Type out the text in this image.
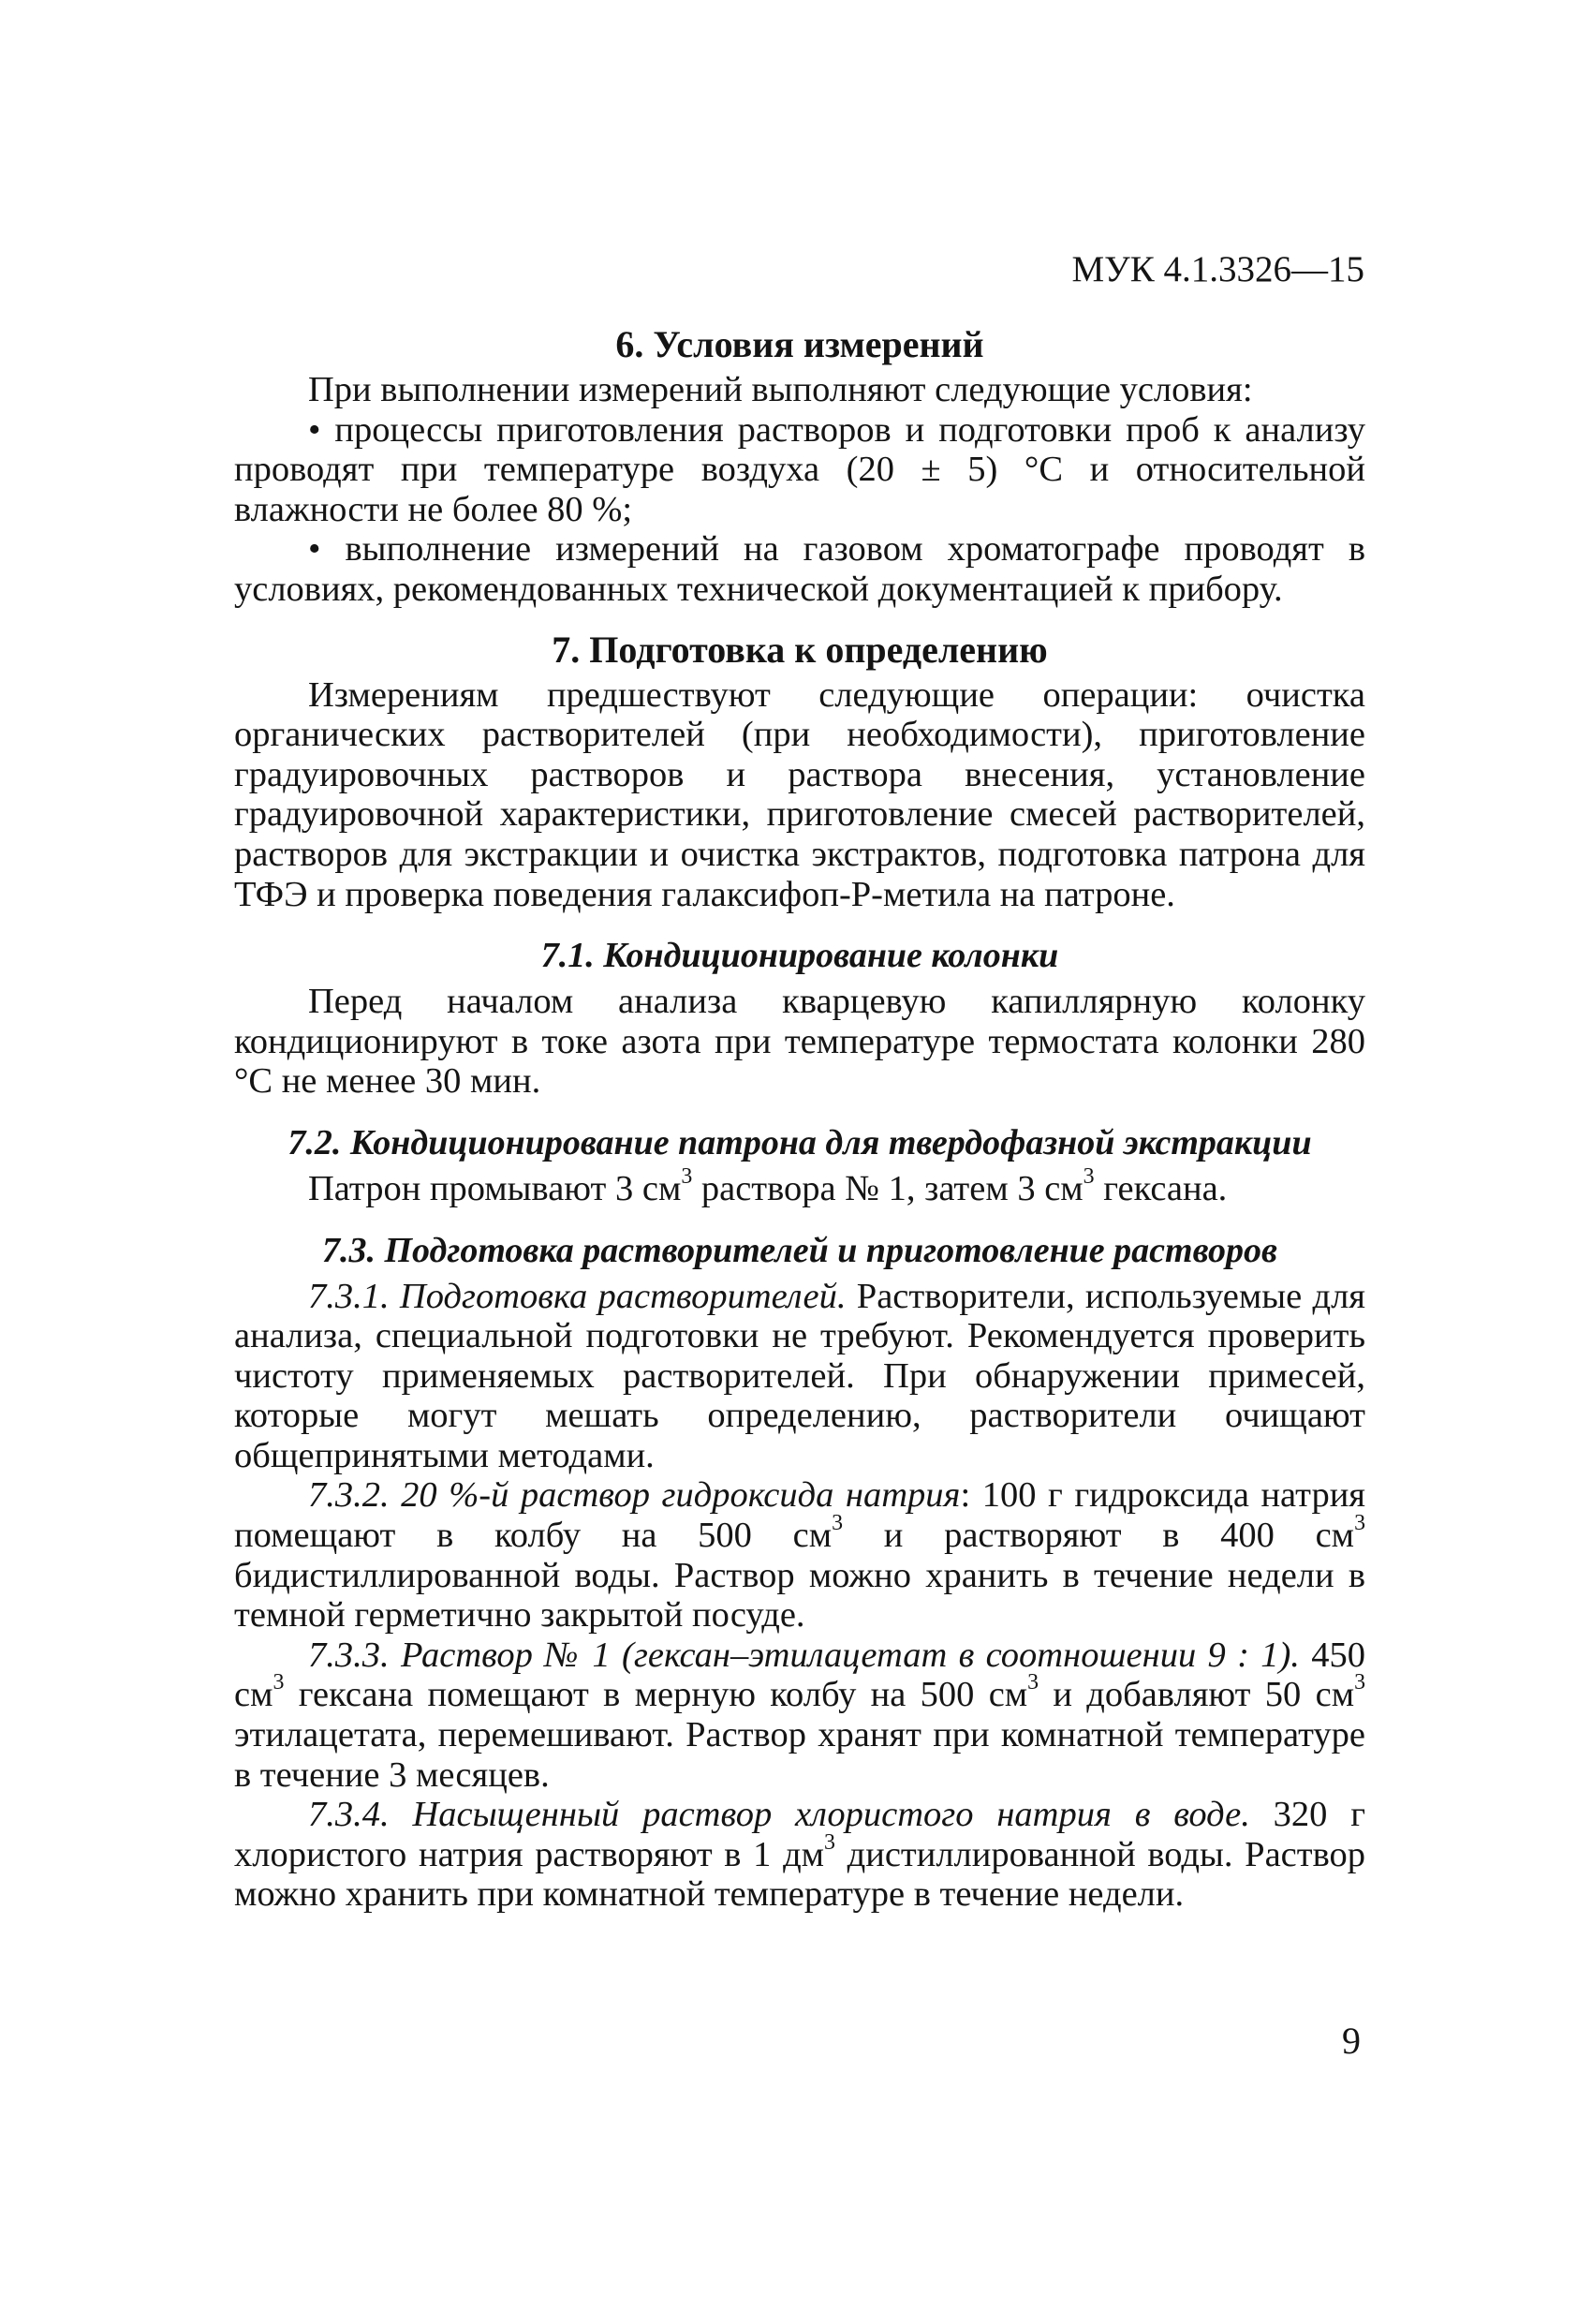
МУК 4.1.3326—15
6. Условия измерений

При выполнении измерений выполняют следующие условия:

• процессы приготовления растворов и подготовки проб к анализу проводят при температуре воздуха (20 ± 5) °С и относительной влажности не более 80 %;

• выполнение измерений на газовом хроматографе проводят в условиях, рекомендованных технической документацией к прибору.

7. Подготовка к определению

Измерениям предшествуют следующие операции: очистка органических растворителей (при необходимости), приготовление градуировочных растворов и раствора внесения, установление градуировочной характеристики, приготовление смесей растворителей, растворов для экстракции и очистка экстрактов, подготовка патрона для ТФЭ и проверка поведения галаксифоп-Р-метила на патроне.

7.1. Кондиционирование колонки

Перед началом анализа кварцевую капиллярную колонку кондиционируют в токе азота при температуре термостата колонки 280 °С не менее 30 мин.

7.2. Кондиционирование патрона для твердофазной экстракции

Патрон промывают 3 $см^3$ раствора № 1, затем 3 $см^3$ гексана.

7.3. Подготовка растворителей и приготовление растворов

7.3.1. Подготовка растворителей. Растворители, используемые для анализа, специальной подготовки не требуют. Рекомендуется проверить чистоту применяемых растворителей. При обнаружении примесей, которые могут мешать определению, растворители очищают общепринятыми методами.

7.3.2. 20 %-й раствор гидроксида натрия: 100 г гидроксида натрия помещают в колбу на 500 $см^3$ и растворяют в 400 $см^3$ бидистиллированной воды. Раствор можно хранить в течение недели в темной герметично закрытой посуде.

7.3.3. Раствор № 1 (гексан–этилацетат в соотношении 9 : 1). 450 $см^3$ гексана помещают в мерную колбу на 500 $см^3$ и добавляют 50 $см^3$ этилацетата, перемешивают. Раствор хранят при комнатной температуре в течение 3 месяцев.

7.3.4. Насыщенный раствор хлористого натрия в воде. 320 г хлористого натрия растворяют в 1 $дм^3$ дистиллированной воды. Раствор можно хранить при комнатной температуре в течение недели.

9
